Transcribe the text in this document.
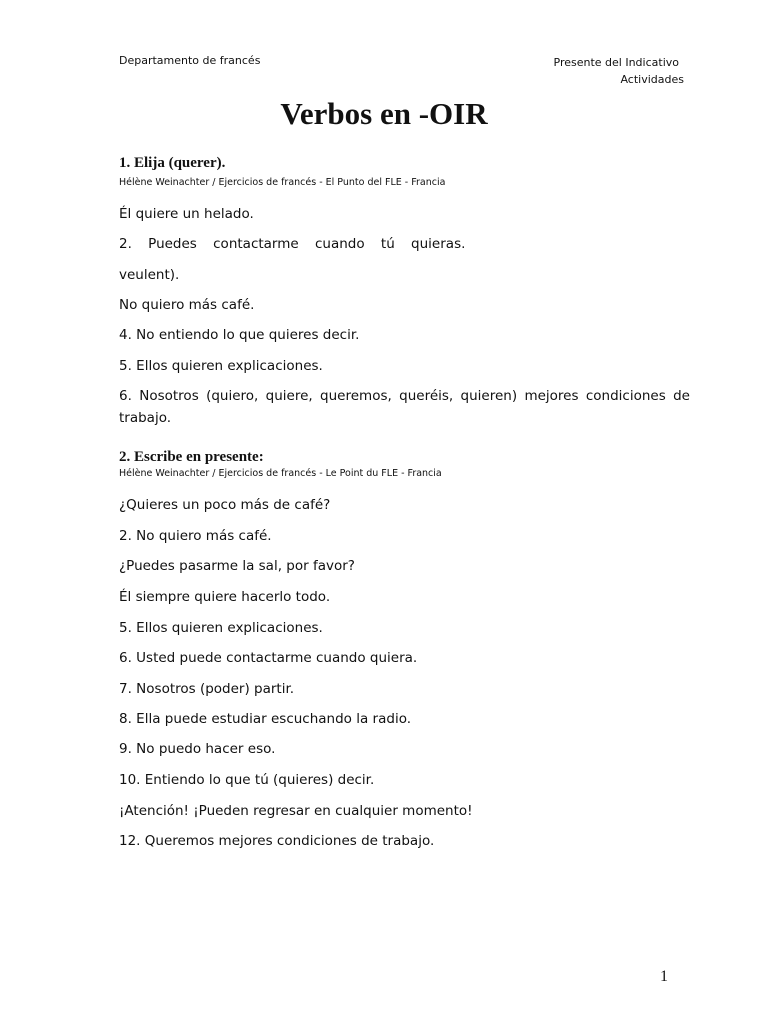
Departamento de francés	Presente del Indicativo
Actividades
Verbos en -OIR
1. Elija (querer).
Hélène Weinachter / Ejercicios de francés - El Punto del FLE - Francia
Él quiere un helado.
2. Puedes contactarme cuando tú quieras.
veulent).
No quiero más café.
4. No entiendo lo que quieres decir.
5. Ellos quieren explicaciones.
6. Nosotros (quiero, quiere, queremos, queréis, quieren) mejores condiciones de trabajo.
2. Escribe en presente:
Hélène Weinachter / Ejercicios de francés - Le Point du FLE - Francia
¿Quieres un poco más de café?
2. No quiero más café.
¿Puedes pasarme la sal, por favor?
Él siempre quiere hacerlo todo.
5. Ellos quieren explicaciones.
6. Usted puede contactarme cuando quiera.
7. Nosotros (poder) partir.
8. Ella puede estudiar escuchando la radio.
9. No puedo hacer eso.
10. Entiendo lo que tú (quieres) decir.
¡Atención! ¡Pueden regresar en cualquier momento!
12. Queremos mejores condiciones de trabajo.
1
